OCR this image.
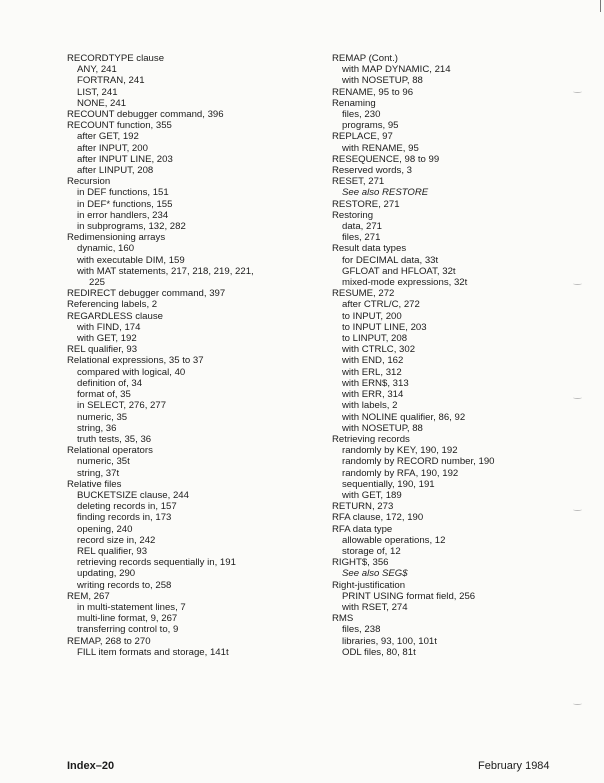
RECORDTYPE clause
ANY, 241
FORTRAN, 241
LIST, 241
NONE, 241
RECOUNT debugger command, 396
RECOUNT function, 355
after GET, 192
after INPUT, 200
after INPUT LINE, 203
after LINPUT, 208
Recursion
in DEF functions, 151
in DEF* functions, 155
in error handlers, 234
in subprograms, 132, 282
Redimensioning arrays
dynamic, 160
with executable DIM, 159
with MAT statements, 217, 218, 219, 221,
225
REDIRECT debugger command, 397
Referencing labels, 2
REGARDLESS clause
with FIND, 174
with GET, 192
REL qualifier, 93
Relational expressions, 35 to 37
compared with logical, 40
definition of, 34
format of, 35
in SELECT, 276, 277
numeric, 35
string, 36
truth tests, 35, 36
Relational operators
numeric, 35t
string, 37t
Relative files
BUCKETSIZE clause, 244
deleting records in, 157
finding records in, 173
opening, 240
record size in, 242
REL qualifier, 93
retrieving records sequentially in, 191
updating, 290
writing records to, 258
REM, 267
in multi-statement lines, 7
multi-line format, 9, 267
transferring control to, 9
REMAP, 268 to 270
FILL item formats and storage, 141t
REMAP (Cont.)
with MAP DYNAMIC, 214
with NOSETUP, 88
RENAME, 95 to 96
Renaming
files, 230
programs, 95
REPLACE, 97
with RENAME, 95
RESEQUENCE, 98 to 99
Reserved words, 3
RESET, 271
See also RESTORE
RESTORE, 271
Restoring
data, 271
files, 271
Result data types
for DECIMAL data, 33t
GFLOAT and HFLOAT, 32t
mixed-mode expressions, 32t
RESUME, 272
after CTRL/C, 272
to INPUT, 200
to INPUT LINE, 203
to LINPUT, 208
with CTRLC, 302
with END, 162
with ERL, 312
with ERN$, 313
with ERR, 314
with labels, 2
with NOLINE qualifier, 86, 92
with NOSETUP, 88
Retrieving records
randomly by KEY, 190, 192
randomly by RECORD number, 190
randomly by RFA, 190, 192
sequentially, 190, 191
with GET, 189
RETURN, 273
RFA clause, 172, 190
RFA data type
allowable operations, 12
storage of, 12
RIGHT$, 356
See also SEG$
Right-justification
PRINT USING format field, 256
with RSET, 274
RMS
files, 238
libraries, 93, 100, 101t
ODL files, 80, 81t
Index–20	February 1984
